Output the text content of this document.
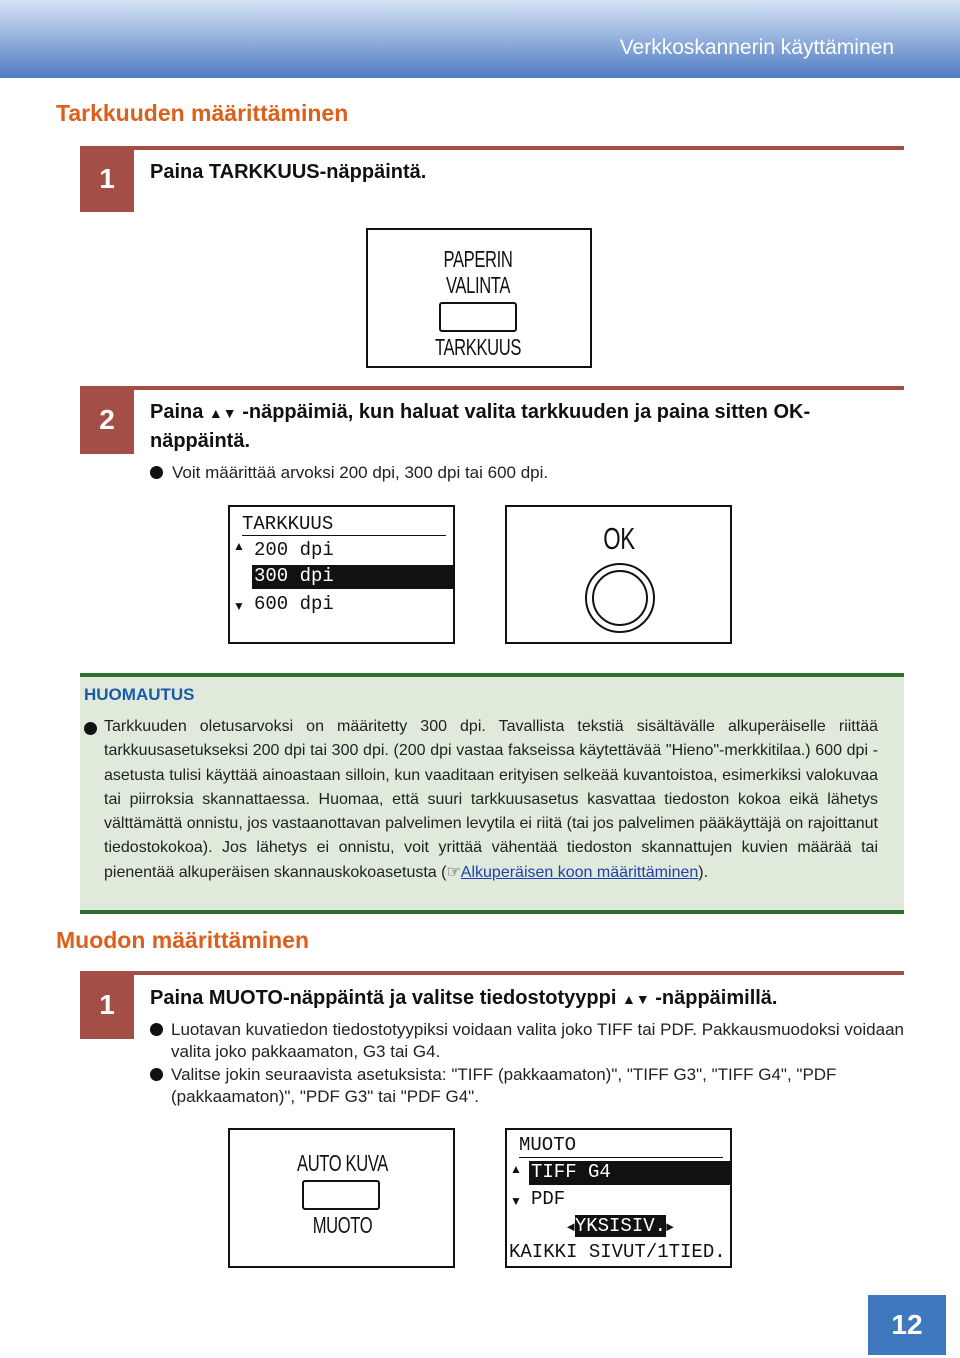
Verkkoskannerin käyttäminen
Tarkkuuden määrittäminen
1	Paina TARKKUUS-näppäintä.
PAPERIN
VALINTA
TARKKUUS
2	Paina ▲▼ -näppäimiä, kun haluat valita tarkkuuden ja paina sitten OK-näppäintä.
Voit määrittää arvoksi 200 dpi, 300 dpi tai 600 dpi.
TARKKUUS
▲ 200 dpi
300 dpi
▼ 600 dpi
OK
HUOMAUTUS
Tarkkuuden oletusarvoksi on määritetty 300 dpi. Tavallista tekstiä sisältävälle alkuperäiselle riittää tarkkuusasetukseksi 200 dpi tai 300 dpi. (200 dpi vastaa fakseissa käytettävää "Hieno"-merkkitilaa.) 600 dpi -asetusta tulisi käyttää ainoastaan silloin, kun vaaditaan erityisen selkeää kuvantoistoa, esimerkiksi valokuvaa tai piirroksia skannattaessa. Huomaa, että suuri tarkkuusasetus kasvattaa tiedoston kokoa eikä lähetys välttämättä onnistu, jos vastaanottavan palvelimen levytila ei riitä (tai jos palvelimen pääkäyttäjä on rajoittanut tiedostokokoa). Jos lähetys ei onnistu, voit yrittää vähentää tiedoston skannattujen kuvien määrää tai pienentää alkuperäisen skannauskokoasetusta (☞Alkuperäisen koon määrittäminen).
Muodon määrittäminen
1	Paina MUOTO-näppäintä ja valitse tiedostotyyppi ▲▼ -näppäimillä.
Luotavan kuvatiedon tiedostotyypiksi voidaan valita joko TIFF tai PDF. Pakkausmuodoksi voidaan valita joko pakkaamaton, G3 tai G4.
Valitse jokin seuraavista asetuksista: "TIFF (pakkaamaton)", "TIFF G3", "TIFF G4", "PDF (pakkaamaton)", "PDF G3" tai "PDF G4".
AUTO KUVA
MUOTO
MUOTO
▲ TIFF G4
▼ PDF
◄YKSISIV.►
KAIKKI SIVUT/1TIED.
12
